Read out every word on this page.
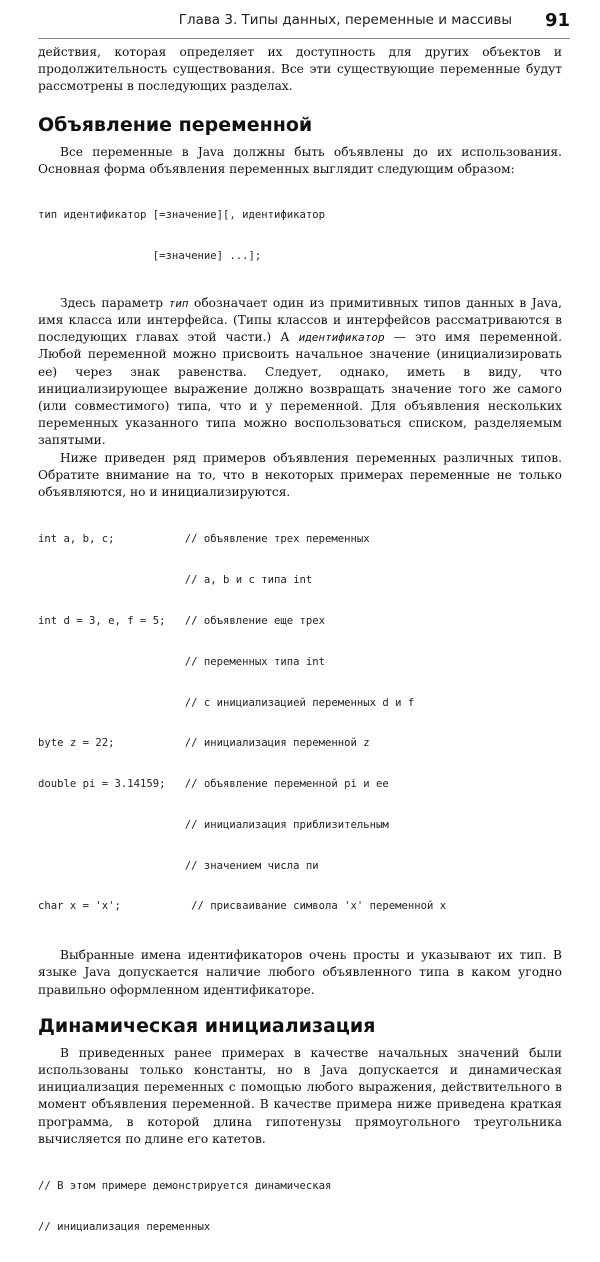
Глава 3. Типы данных, переменные и массивы 91

действия, которая определяет их доступность для других объектов и продолжительность существования. Все эти существующие переменные будут рассмотрены в последующих разделах.

Объявление переменной

Все переменные в Java должны быть объявлены до их использования. Основная форма объявления переменных выглядит следующим образом:

тип идентификатор [=значение][, идентификатор

[=значение] ...];

Здесь параметр тип обозначает один из примитивных типов данных в Java, имя класса или интерфейса. (Типы классов и интерфейсов рассматриваются в последующих главах этой части.) А идентификатор — это имя переменной. Любой переменной можно присвоить начальное значение (инициализировать ее) через знак равенства. Следует, однако, иметь в виду, что инициализирующее выражение должно возвращать значение того же самого (или совместимого) типа, что и у переменной. Для объявления нескольких переменных указанного типа можно воспользоваться списком, разделяемым запятыми.

Ниже приведен ряд примеров объявления переменных различных типов. Обратите внимание на то, что в некоторых примерах переменные не только объявляются, но и инициализируются.

int a, b, c;           // объявление трех переменных

// a, b и c типа int

int d = 3, e, f = 5;   // объявление еще трех

// переменных типа int

// с инициализацией переменных d и f

byte z = 22;           // инициализация переменной z

double pi = 3.14159;   // объявление переменной pi и ее

// инициализация приблизительным

// значением числа пи

char x = 'x';           // присваивание символа 'x' переменной x

Выбранные имена идентификаторов очень просты и указывают их тип. В языке Java допускается наличие любого объявленного типа в каком угодно правильно оформленном идентификаторе.

Динамическая инициализация

В приведенных ранее примерах в качестве начальных значений были использованы только константы, но в Java допускается и динамическая инициализация переменных с помощью любого выражения, действительного в момент объявления переменной. В качестве примера ниже приведена краткая программа, в которой длина гипотенузы прямоугольного треугольника вычисляется по длине его катетов.

// В этом примере демонстрируется динамическая

// инициализация переменных
